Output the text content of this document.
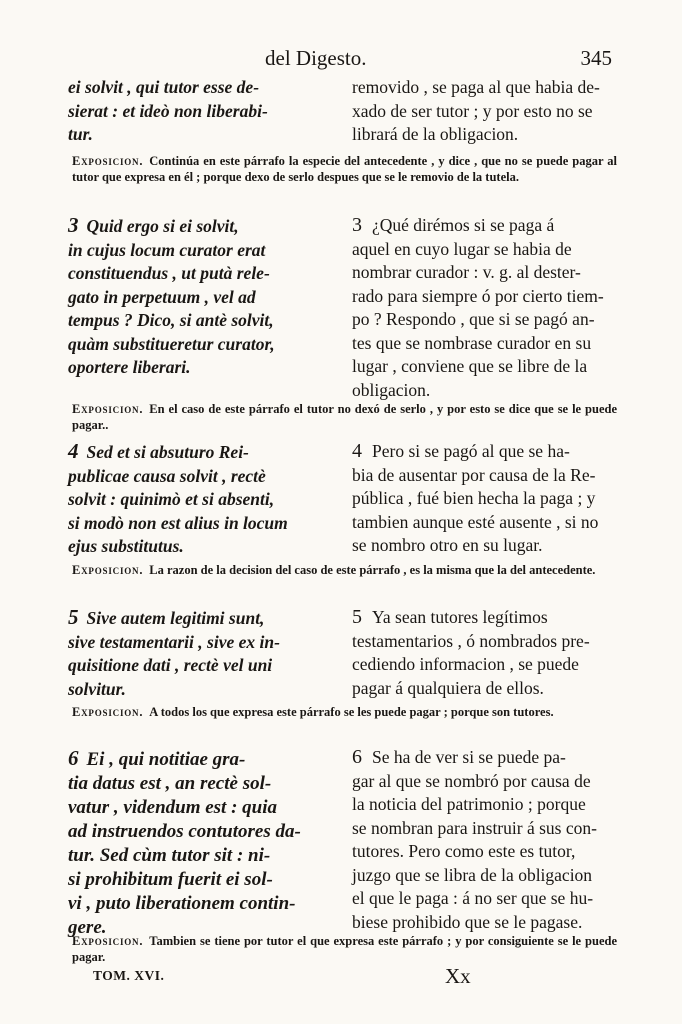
del Digesto.	345
ei solvit , qui tutor esse de-
sierat : et ideò non liberabi-
tur.
removido , se paga al que habia de-
xado de ser tutor ; y por esto no se
librará de la obligacion.
Exposicion. Continúa en este párrafo la especie del antecedente , y dice , que no se puede pagar al tutor que expresa en él ; porque dexo de serlo despues que se le removio de la tutela.
3 Quid ergo si ei solvit,
in cujus locum curator erat
constituendus , ut putà rele-
gato in perpetuum , vel ad
tempus ? Dico, si antè solvit,
quàm substitueretur curator,
oportere liberari.
3 ¿Qué dirémos si se paga á
aquel en cuyo lugar se habia de
nombrar curador : v. g. al dester-
rado para siempre ó por cierto tiem-
po ? Respondo , que si se pagó an-
tes que se nombrase curador en su
lugar , conviene que se libre de la
obligacion.
Exposicion. En el caso de este párrafo el tutor no dexó de serlo , y por esto se dice que se le puede pagar..
4 Sed et si absuturo Rei-
publicae causa solvit , rectè
solvit : quinimò et si absenti,
si modò non est alius in locum
ejus substitutus.
4 Pero si se pagó al que se ha-
bia de ausentar por causa de la Re-
pública , fué bien hecha la paga ; y
tambien aunque esté ausente , si no
se nombro otro en su lugar.
Exposicion. La razon de la decision del caso de este párrafo , es la misma que la del antecedente.
5 Sive autem legitimi sunt,
sive testamentarii , sive ex in-
quisitione dati , rectè vel uni
solvitur.
5 Ya sean tutores legítimos
testamentarios , ó nombrados pre-
cediendo informacion , se puede
pagar á qualquiera de ellos.
Exposicion. A todos los que expresa este párrafo se les puede pagar ; porque son tutores.
6 Ei , qui notitiae gra-
tia datus est , an rectè sol-
vatur , videndum est : quia
ad instruendos contutores da-
tur. Sed cùm tutor sit : ni-
si prohibitum fuerit ei sol-
vi , puto liberationem contin-
gere.
6 Se ha de ver si se puede pa-
gar al que se nombró por causa de
la noticia del patrimonio ; porque
se nombran para instruir á sus con-
tutores. Pero como este es tutor,
juzgo que se libra de la obligacion
el que le paga : á no ser que se hu-
biese prohibido que se le pagase.
Exposicion. Tambien se tiene por tutor el que expresa este párrafo ; y por consiguiente se le puede pagar.
TOM. XVI.	Xx
